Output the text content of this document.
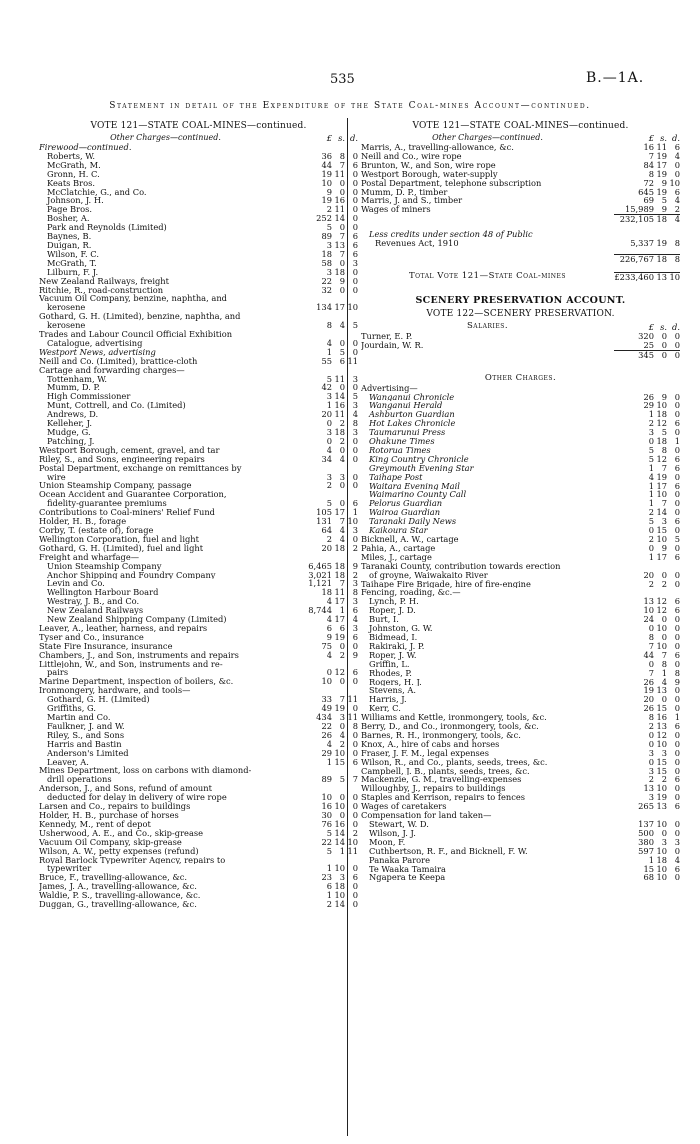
535	B.—1A.
Statement in detail of the Expenditure of the State Coal-mines Account—continued.
VOTE 121—STATE COAL-MINES—continued.
Other Charges—continued.	£ s. d.
Firewood—continued.
Roberts, W.	36 8 0
McGrath, M.	44 7 6
Gronn, H. C.	19 11 0
Keats Bros.	10 0 0
McClatchie, G., and Co.	9 0 0
Johnson, J. H.	19 16 0
Page Bros.	2 11 0
Bosher, A.	252 14 0
Park and Reynolds (Limited)	5 0 0
Baynes, B.	89 7 6
Duigan, R.	3 13 6
Wilson, F. C.	18 7 6
McGrath, T.	58 0 3
Lilburn, F. J.	3 18 0
New Zealand Railways, freight	22 9 0
Ritchie, R., road-construction	32 0 0
Vacuum Oil Company, benzine, naphtha, and
kerosene	134 17 10
Gothard, G. H. (Limited), benzine, naphtha, and
kerosene	8 4 5
Trades and Labour Council Official Exhibition
Catalogue, advertising	4 0 0
Westport News, advertising	1 5 0
Neill and Co. (Limited), brattice-cloth	55 6 11
Cartage and forwarding charges—
Tottenham, W.	5 11 3
Mumm, D. P.	42 0 0
High Commissioner	3 14 5
Munt, Cottrell, and Co. (Limited)	1 16 3
Andrews, D.	20 11 4
Kelleher, J.	0 2 8
Mudge, G.	3 18 3
Patching, J.	0 2 0
Westport Borough, cement, gravel, and tar	4 0 0
Riley, S., and Sons, engineering repairs	34 4 0
Postal Department, exchange on remittances by
wire	3 3 0
Union Steamship Company, passage	2 0 0
Ocean Accident and Guarantee Corporation,
fidelity-guarantee premiums	5 0 6
Contributions to Coal-miners' Relief Fund	105 17 1
Holder, H. B., forage	131 7 10
Corby, T. (estate of), forage	64 4 3
Wellington Corporation, fuel and light	2 4 0
Gothard, G. H. (Limited), fuel and light	20 18 2
Freight and wharfage—
Union Steamship Company	6,465 18 9
Anchor Shipping and Foundry Company	3,021 18 2
Levin and Co.	1,121 7 3
Wellington Harbour Board	18 11 8
Westray, J. B., and Co.	4 17 3
New Zealand Railways	8,744 1 6
New Zealand Shipping Company (Limited)	4 17 4
Leaver, A., leather, harness, and repairs	6 6 3
Tyser and Co., insurance	9 19 6
State Fire Insurance, insurance	75 0 0
Chambers, J., and Son, instruments and repairs	4 2 9
Littlejohn, W., and Son, instruments and re-
pairs	0 12 6
Marine Department, inspection of boilers, &c.	10 0 0
Ironmongery, hardware, and tools—
Gothard, G. H. (Limited)	33 7 11
Griffiths, G.	49 19 0
Martin and Co.	434 3 11
Faulkner, J. and W.	22 0 8
Riley, S., and Sons	26 4 0
Harris and Bastin	4 2 0
Anderson's Limited	29 10 0
Leaver, A.	1 15 6
Mines Department, loss on carbons with diamond-
drill operations	89 5 7
Anderson, J., and Sons, refund of amount
deducted for delay in delivery of wire rope	10 0 0
Larsen and Co., repairs to buildings	16 10 0
Holder, H. B., purchase of horses	30 0 0
Kennedy, M., rent of depot	76 16 0
Usherwood, A. E., and Co., skip-grease	5 14 2
Vacuum Oil Company, skip-grease	22 14 10
Wilson, A. W., petty expenses (refund)	5 1 11
Royal Barlock Typewriter Agency, repairs to
typewriter	1 10 0
Bruce, F., travelling-allowance, &c.	23 3 6
James, J. A., travelling-allowance, &c.	6 18 0
Waldie, P. S., travelling-allowance, &c.	1 10 0
Duggan, G., travelling-allowance, &c.	2 14 0
VOTE 121—STATE COAL-MINES—continued.
Other Charges—continued.	£ s. d.
Marris, A., travelling-allowance, &c.	16 11 6
Neill and Co., wire rope	7 19 4
Brunton, W., and Son, wire rope	84 17 0
Westport Borough, water-supply	8 19 0
Postal Department, telephone subscription	72 9 10
Mumm, D. P., timber	645 19 6
Marris, J. and S., timber	69 5 4
Wages of miners	15,989 9 2
232,105 18 4
Less credits under section 48 of Public
Revenues Act, 1910	5,337 19 8
226,767 18 8
Total Vote 121—State Coal-mines	£233,460 13 10
SCENERY PRESERVATION ACCOUNT.
VOTE 122—SCENERY PRESERVATION.
Salaries.	£ s. d.
Turner, E. P.	320 0 0
Jourdain, W. R.	25 0 0
345 0 0
Other Charges.
Advertising—
Wanganui Chronicle	26 9 0
Wanganui Herald	29 10 0
Ashburton Guardian	1 18 0
Hot Lakes Chronicle	2 12 6
Taumarunui Press	3 5 0
Ohakune Times	0 18 1
Rotorua Times	5 8 0
King Country Chronicle	5 12 6
Greymouth Evening Star	1 7 6
Taihape Post	4 19 0
Waitara Evening Mail	1 17 6
Waimarino County Call	1 10 0
Pelorus Guardian	1 7 0
Wairoa Guardian	2 14 0
Taranaki Daily News	5 3 6
Kaikoura Star	0 15 0
Bicknell, A. W., cartage	2 10 5
Pahia, A., cartage	0 9 0
Miles, J., cartage	1 17 6
Taranaki County, contribution towards erection
of groyne, Waiwakaito River	20 0 0
Taihape Fire Brigade, hire of fire-engine	2 2 0
Fencing, roading, &c.—
Lynch, P. H.	13 12 6
Roper, J. D.	10 12 6
Burt, I.	24 0 0
Johnston, G. W.	0 10 0
Bidmead, I.	8 0 0
Rakiraki, J. P.	7 10 0
Roper, J. W.	44 7 6
Griffin, L.	0 8 0
Rhodes, P.	7 1 8
Rogers, H. J.	26 4 9
Stevens, A.	19 13 0
Harris, J.	20 0 0
Kerr, C.	26 15 0
Williams and Kettle, ironmongery, tools, &c.	8 16 1
Berry, D., and Co., ironmongery, tools, &c.	2 13 6
Barnes, R. H., ironmongery, tools, &c.	0 12 0
Knox, A., hire of cabs and horses	0 10 0
Fraser, J. F. M., legal expenses	3 3 0
Wilson, R., and Co., plants, seeds, trees, &c.	0 15 0
Campbell, J. B., plants, seeds, trees, &c.	3 15 0
Mackenzie, G. M., travelling-expenses	2 2 6
Willoughby, J., repairs to buildings	13 10 0
Staples and Kerrison, repairs to fences	3 19 0
Wages of caretakers	265 13 6
Compensation for land taken—
Stewart, W. D.	137 10 0
Wilson, J. J.	500 0 0
Moon, F.	380 3 3
Cuthbertson, R. F., and Bicknell, F. W.	597 10 0
Panaka Parore	1 18 4
Te Waaka Tamaira	15 10 6
Ngapera te Keepa	68 10 0
